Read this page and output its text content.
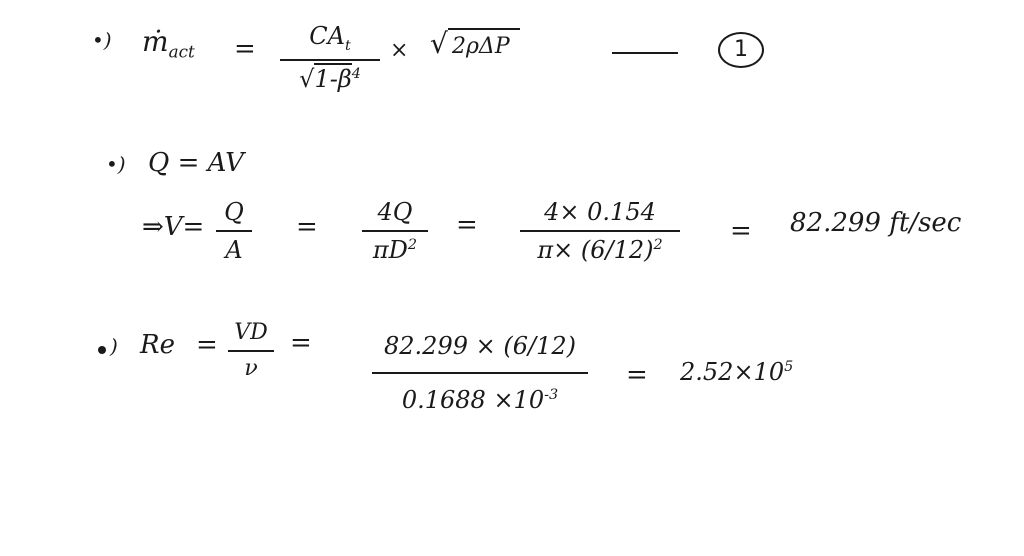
•) ṁ$_{act}$ =	$CA_t$
$√1-\beta^4$
× √ 2ρΔP	1
•) Q = AV
⇒V= Q
A
=	4Q
$\pi D^2$
=	4× 0.154
$\pi\times (6/12)^2$	= 82.299 ft/sec
) Re = VD
ν
=	82.299 × (6/12)
$0.1688 \times 10^{-3}$
= $2.52\times 10^5$
